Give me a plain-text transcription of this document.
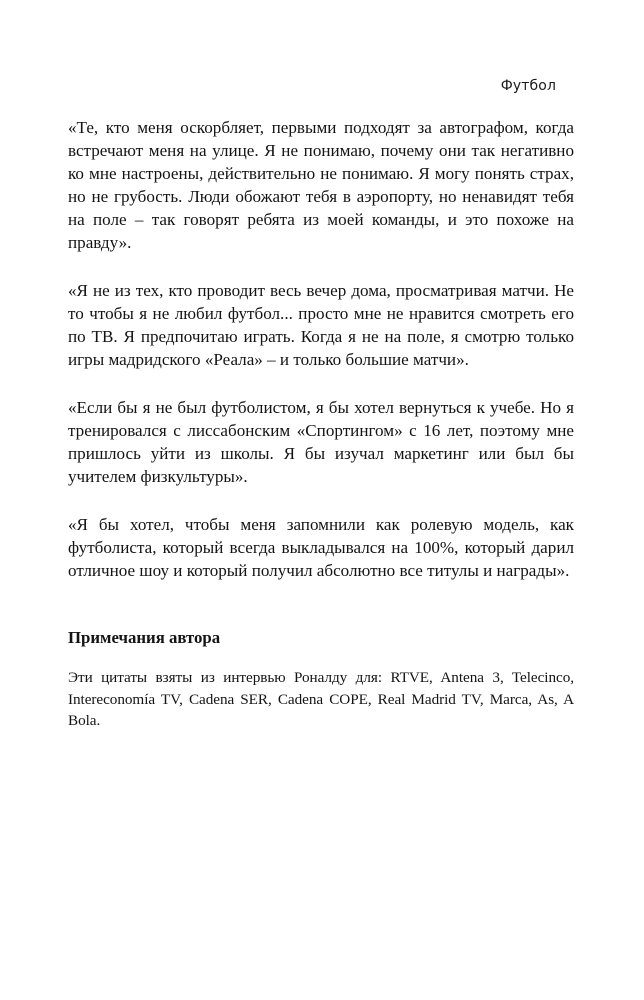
Футбол

«Те, кто меня оскорбляет, первыми подходят за автографом, когда встречают меня на улице. Я не понимаю, почему они так негативно ко мне настроены, действительно не понимаю. Я могу понять страх, но не грубость. Люди обожают тебя в аэропорту, но ненавидят тебя на поле – так говорят ребята из моей команды, и это похоже на правду».

«Я не из тех, кто проводит весь вечер дома, просматривая матчи. Не то чтобы я не любил футбол... просто мне не нравится смотреть его по ТВ. Я предпочитаю играть. Когда я не на поле, я смотрю только игры мадридского «Реала» – и только большие матчи».

«Если бы я не был футболистом, я бы хотел вернуться к учебе. Но я тренировался с лиссабонским «Спортингом» с 16 лет, поэтому мне пришлось уйти из школы. Я бы изучал маркетинг или был бы учителем физкультуры».

«Я бы хотел, чтобы меня запомнили как ролевую модель, как футболиста, который всегда выкладывался на 100%, который дарил отличное шоу и который получил абсолютно все титулы и награды».

Примечания автора

Эти цитаты взяты из интервью Роналду для: RTVE, Antena 3, Telecinco, Intereconomía TV, Cadena SER, Cadena COPE, Real Madrid TV, Marca, As, A Bola.
